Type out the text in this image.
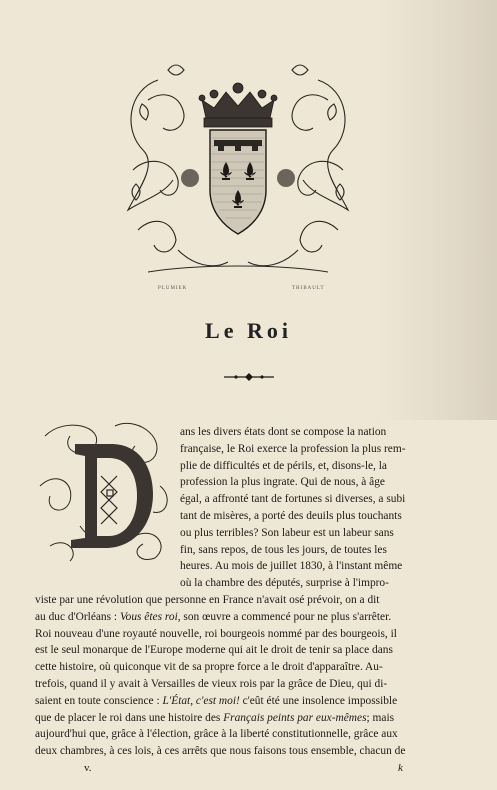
PLUMIER	THIBAULT
Le Roi
D
ans les divers états dont se compose la nation
française, le Roi exerce la profession la plus rem-
plie de difficultés et de périls, et, disons-le, la
profession la plus ingrate. Qui de nous, à âge
égal, a affronté tant de fortunes si diverses, a subi
tant de misères, a porté des deuils plus touchants
ou plus terribles? Son labeur est un labeur sans
fin, sans repos, de tous les jours, de toutes les
heures. Au mois de juillet 1830, à l'instant même
où la chambre des députés, surprise à l'impro-
viste par une révolution que personne en France n'avait osé prévoir, on a dit
au duc d'Orléans : Vous êtes roi, son œuvre a commencé pour ne plus s'arrêter.
Roi nouveau d'une royauté nouvelle, roi bourgeois nommé par des bourgeois, il
est le seul monarque de l'Europe moderne qui ait le droit de tenir sa place dans
cette histoire, où quiconque vit de sa propre force a le droit d'apparaître. Au-
trefois, quand il y avait à Versailles de vieux rois par la grâce de Dieu, qui di-
saient en toute conscience : L'État, c'est moi! c'eût été une insolence impossible
que de placer le roi dans une histoire des Français peints par eux-mêmes; mais
aujourd'hui que, grâce à l'élection, grâce à la liberté constitutionnelle, grâce aux
deux chambres, à ces lois, à ces arrêts que nous faisons tous ensemble, chacun de
v.	k
